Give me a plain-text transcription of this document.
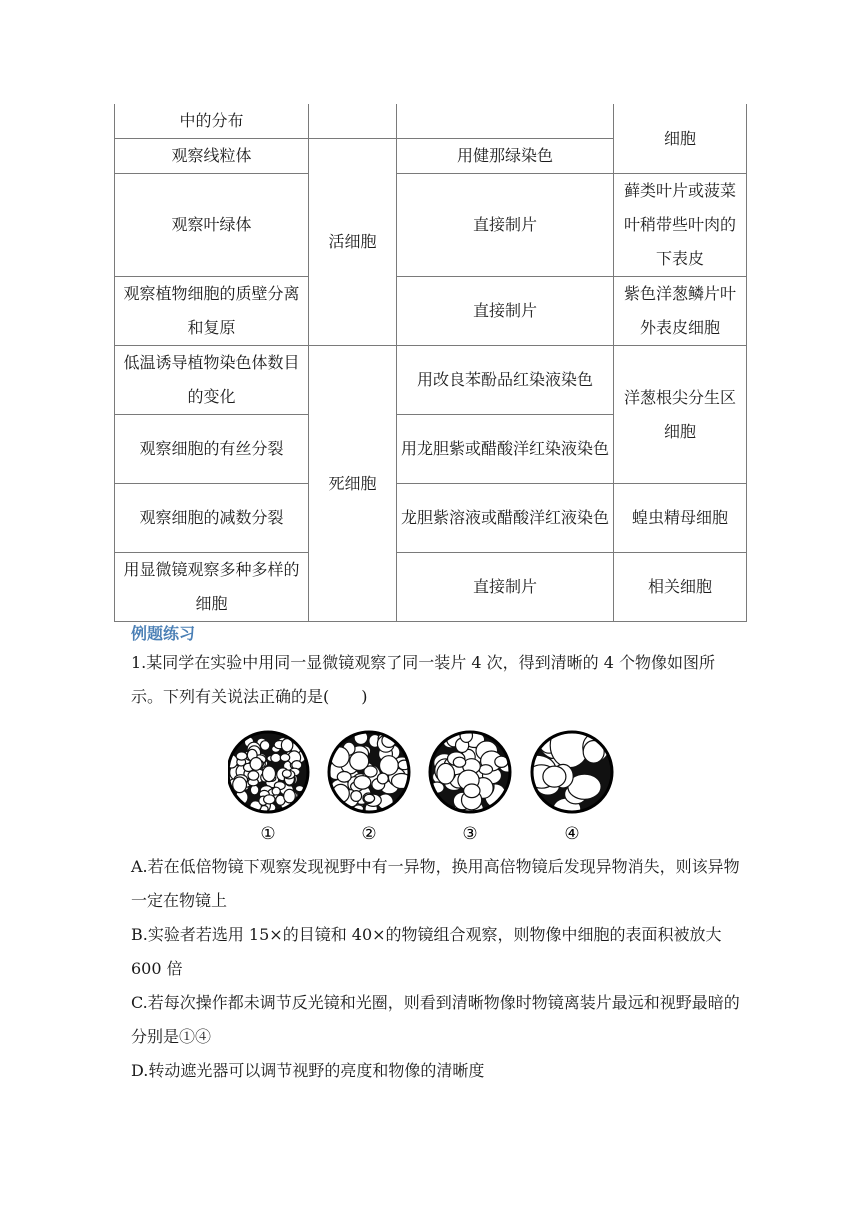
中的分布			细胞
观察线粒体	活细胞	用健那绿染色	
观察叶绿体		直接制片	藓类叶片或菠菜叶稍带些叶肉的下表皮
观察植物细胞的质壁分离和复原		直接制片	紫色洋葱鳞片叶外表皮细胞
低温诱导植物染色体数目的变化	死细胞	用改良苯酚品红染液染色	洋葱根尖分生区细胞
观察细胞的有丝分裂		用龙胆紫或醋酸洋红染液染色	
观察细胞的减数分裂		龙胆紫溶液或醋酸洋红液染色	蝗虫精母细胞
用显微镜观察多种多样的细胞		直接制片	相关细胞
例题练习
1.某同学在实验中用同一显微镜观察了同一装片 4 次，得到清晰的 4 个物像如图所示。下列有关说法正确的是(　　)
①	②	③	④
A.若在低倍物镜下观察发现视野中有一异物，换用高倍物镜后发现异物消失，则该异物一定在物镜上
B.实验者若选用 15×的目镜和 40×的物镜组合观察，则物像中细胞的表面积被放大 600 倍
C.若每次操作都未调节反光镜和光圈，则看到清晰物像时物镜离装片最远和视野最暗的分别是①④
D.转动遮光器可以调节视野的亮度和物像的清晰度
